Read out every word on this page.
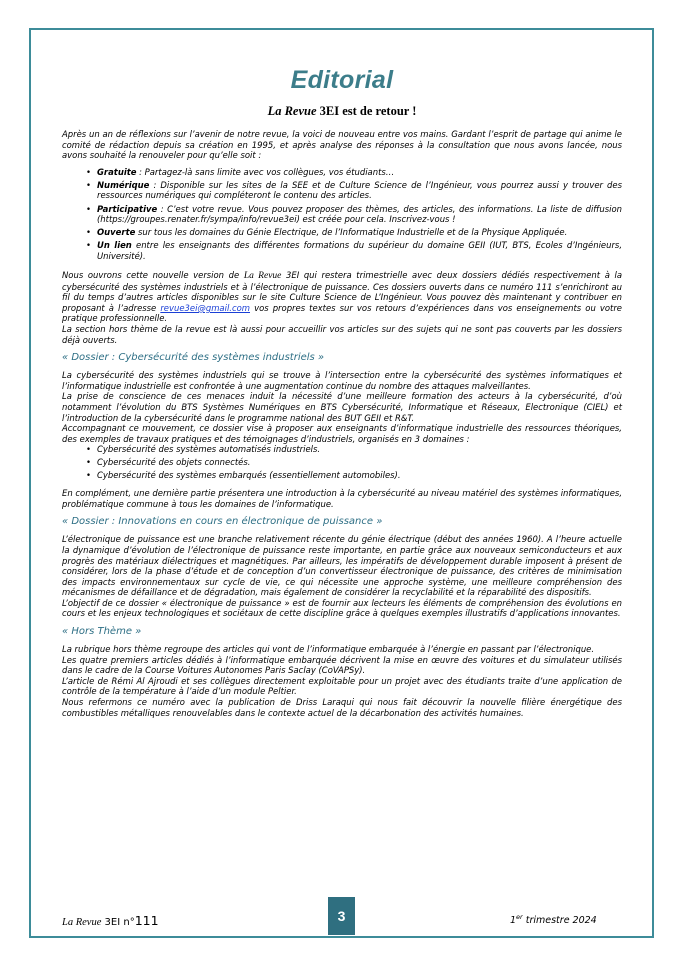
Editorial
La Revue 3EI est de retour !

Après un an de réflexions sur l’avenir de notre revue, la voici de nouveau entre vos mains. Gardant l’esprit de partage qui anime le comité de rédaction depuis sa création en 1995, et après analyse des réponses à la consultation que nous avons lancée, nous avons souhaité la renouveler pour qu’elle soit :

• Gratuite : Partagez-là sans limite avec vos collègues, vos étudiants…
• Numérique : Disponible sur les sites de la SEE et de Culture Science de l’Ingénieur, vous pourrez aussi y trouver des ressources numériques qui compléteront le contenu des articles.
• Participative : C’est votre revue. Vous pouvez proposer des thèmes, des articles, des informations. La liste de diffusion (https://groupes.renater.fr/sympa/info/revue3ei) est créée pour cela. Inscrivez-vous !
• Ouverte sur tous les domaines du Génie Electrique, de l’Informatique Industrielle et de la Physique Appliquée.
• Un lien entre les enseignants des différentes formations du supérieur du domaine GEII (IUT, BTS, Ecoles d’Ingénieurs, Université).

Nous ouvrons cette nouvelle version de La Revue 3EI qui restera trimestrielle avec deux dossiers dédiés respectivement à la cybersécurité des systèmes industriels et à l’électronique de puissance. Ces dossiers ouverts dans ce numéro 111 s’enrichiront au fil du temps d’autres articles disponibles sur le site Culture Science de L’Ingénieur. Vous pouvez dès maintenant y contribuer en proposant à l’adresse revue3ei@gmail.com vos propres textes sur vos retours d’expériences dans vos enseignements ou votre pratique professionnelle.

La section hors thème de la revue est là aussi pour accueillir vos articles sur des sujets qui ne sont pas couverts par les dossiers déjà ouverts.

« Dossier : Cybersécurité des systèmes industriels »

La cybersécurité des systèmes industriels qui se trouve à l’intersection entre la cybersécurité des systèmes informatiques et l’informatique industrielle est confrontée à une augmentation continue du nombre des attaques malveillantes.

La prise de conscience de ces menaces induit la nécessité d’une meilleure formation des acteurs à la cybersécurité, d’où notamment l’évolution du BTS Systèmes Numériques en BTS Cybersécurité, Informatique et Réseaux, Electronique (CIEL) et l’introduction de la cybersécurité dans le programme national des BUT GEII et R&T.

Accompagnant ce mouvement, ce dossier vise à proposer aux enseignants d’informatique industrielle des ressources théoriques, des exemples de travaux pratiques et des témoignages d’industriels, organisés en 3 domaines :

• Cybersécurité des systèmes automatisés industriels.
• Cybersécurité des objets connectés.
• Cybersécurité des systèmes embarqués (essentiellement automobiles).

En complément, une dernière partie présentera une introduction à la cybersécurité au niveau matériel des systèmes informatiques, problématique commune à tous les domaines de l’informatique.

« Dossier : Innovations en cours en électronique de puissance »

L’électronique de puissance est une branche relativement récente du génie électrique (début des années 1960). A l’heure actuelle la dynamique d’évolution de l’électronique de puissance reste importante, en partie grâce aux nouveaux semiconducteurs et aux progrès des matériaux diélectriques et magnétiques. Par ailleurs, les impératifs de développement durable imposent à présent de considérer, lors de la phase d’étude et de conception d’un convertisseur électronique de puissance, des critères de minimisation des impacts environnementaux sur cycle de vie, ce qui nécessite une approche système, une meilleure compréhension des mécanismes de défaillance et de dégradation, mais également de considérer la recyclabilité et la réparabilité des dispositifs.

L’objectif de ce dossier « électronique de puissance » est de fournir aux lecteurs les éléments de compréhension des évolutions en cours et les enjeux technologiques et sociétaux de cette discipline grâce à quelques exemples illustratifs d’applications innovantes.

« Hors Thème »

La rubrique hors thème regroupe des articles qui vont de l’informatique embarquée à l’énergie en passant par l’électronique.

Les quatre premiers articles dédiés à l’informatique embarquée décrivent la mise en œuvre des voitures et du simulateur utilisés dans le cadre de la Course Voitures Autonomes Paris Saclay (CoVAPSy).

L’article de Rémi Al Ajroudi et ses collègues directement exploitable pour un projet avec des étudiants traite d’une application de contrôle de la température à l’aide d’un module Peltier.

Nous refermons ce numéro avec la publication de Driss Laraqui qui nous fait découvrir la nouvelle filière énergétique des combustibles métalliques renouvelables dans le contexte actuel de la décarbonation des activités humaines.

La Revue 3EI n°111	3	1er trimestre 2024
